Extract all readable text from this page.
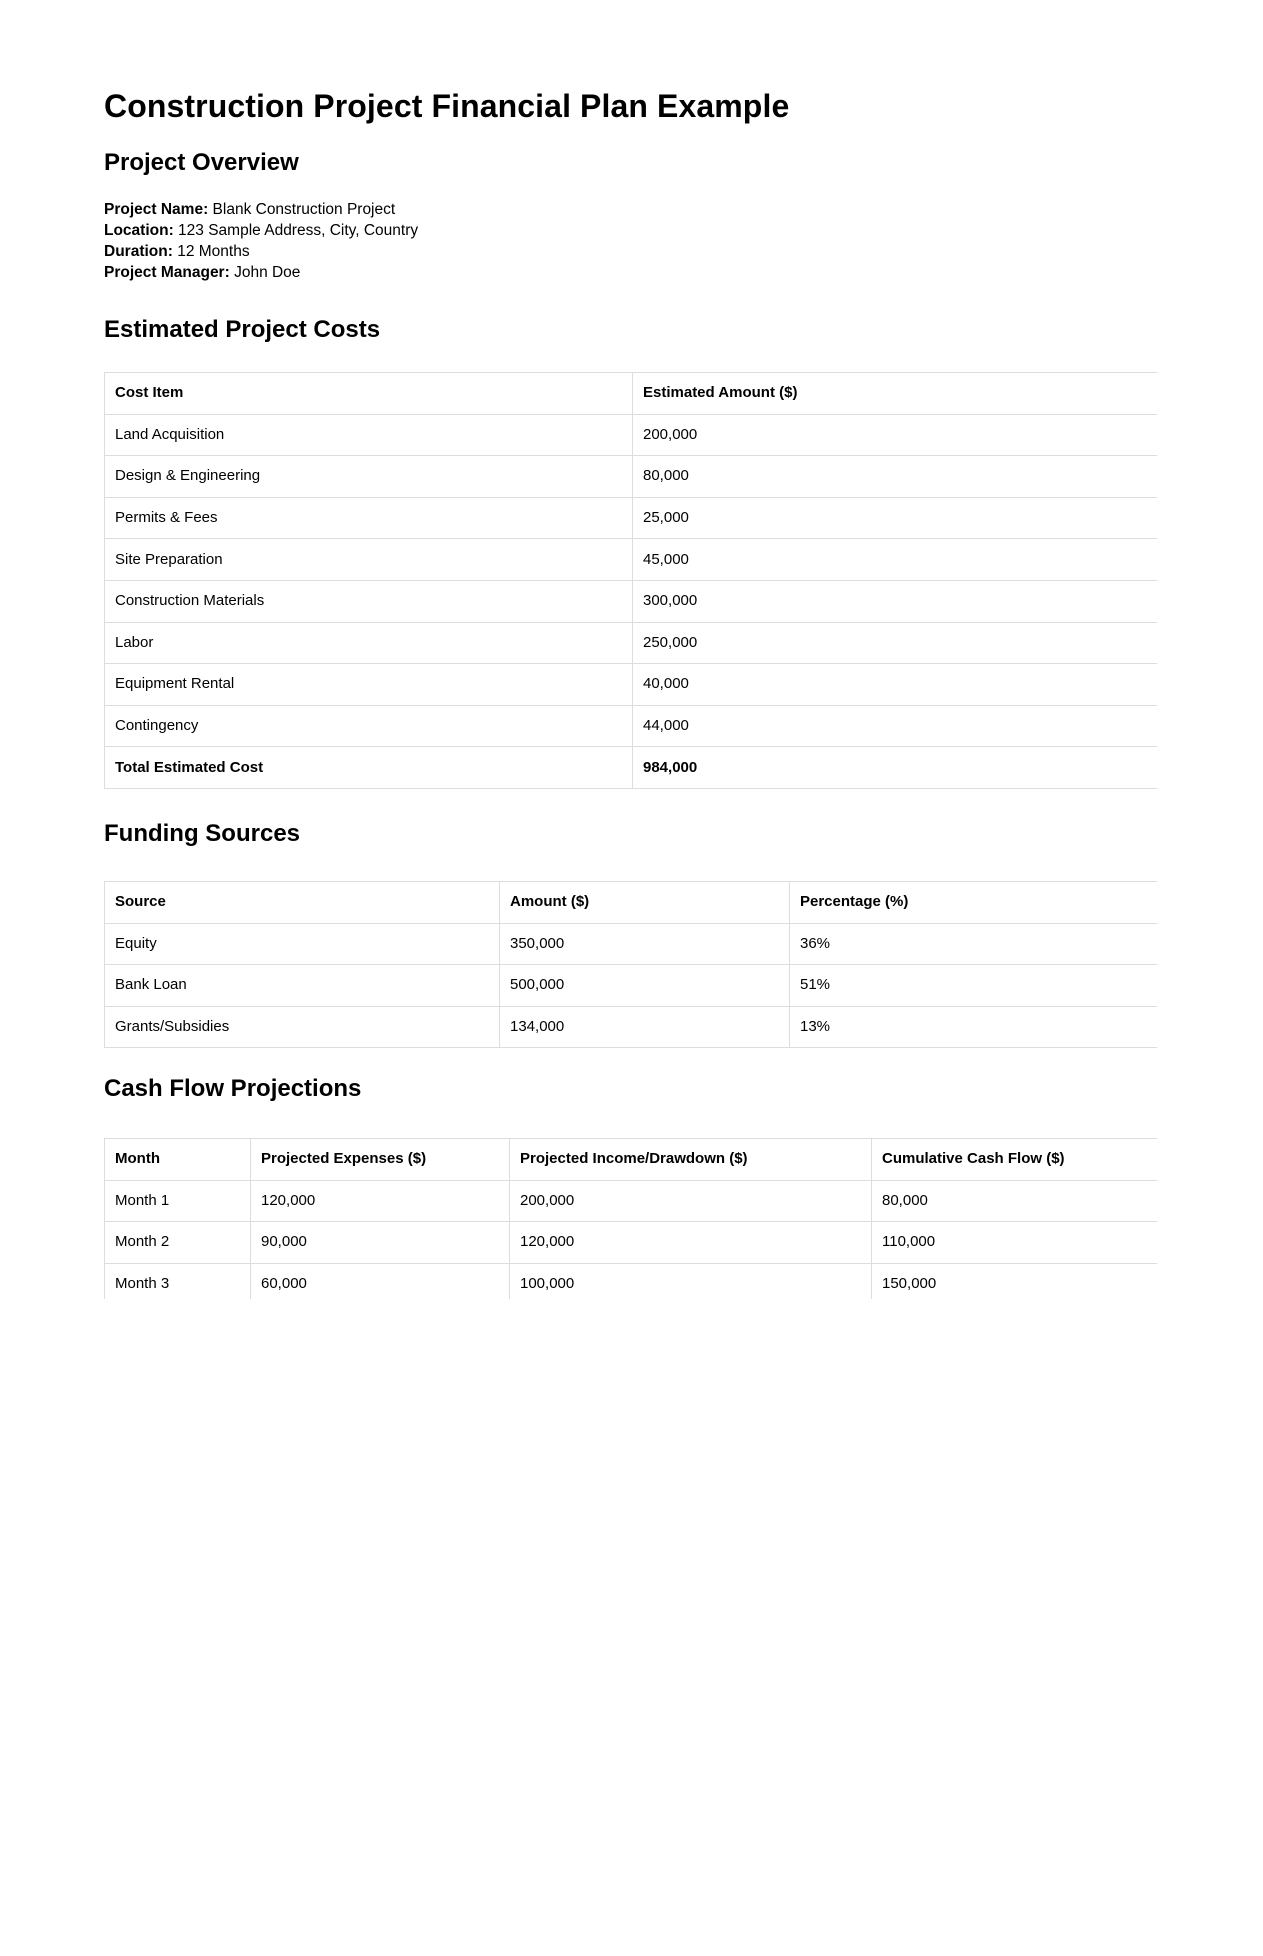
Construction Project Financial Plan Example
Project Overview
Project Name: Blank Construction Project
Location: 123 Sample Address, City, Country
Duration: 12 Months
Project Manager: John Doe
Estimated Project Costs
Cost Item	Estimated Amount ($)
Land Acquisition	200,000
Design & Engineering	80,000
Permits & Fees	25,000
Site Preparation	45,000
Construction Materials	300,000
Labor	250,000
Equipment Rental	40,000
Contingency	44,000
Total Estimated Cost	984,000
Funding Sources
Source	Amount ($)	Percentage (%)
Equity	350,000	36%
Bank Loan	500,000	51%
Grants/Subsidies	134,000	13%
Cash Flow Projections
Month	Projected Expenses ($)	Projected Income/Drawdown ($)	Cumulative Cash Flow ($)
Month 1	120,000	200,000	80,000
Month 2	90,000	120,000	110,000
Month 3	60,000	100,000	150,000
